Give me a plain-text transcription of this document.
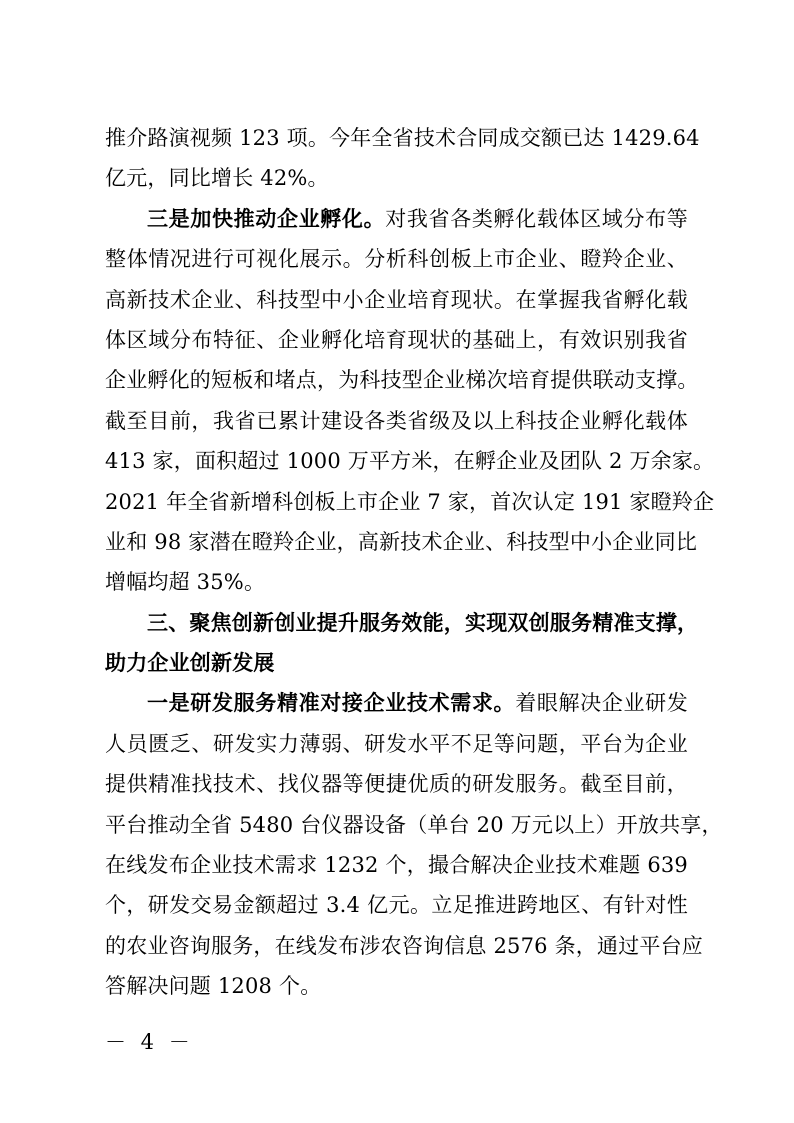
推介路演视频 123 项。今年全省技术合同成交额已达 1429.64
亿元，同比增长 42%。
三是加快推动企业孵化。对我省各类孵化载体区域分布等
整体情况进行可视化展示。分析科创板上市企业、瞪羚企业、
高新技术企业、科技型中小企业培育现状。在掌握我省孵化载
体区域分布特征、企业孵化培育现状的基础上，有效识别我省
企业孵化的短板和堵点，为科技型企业梯次培育提供联动支撑。
截至目前，我省已累计建设各类省级及以上科技企业孵化载体
413 家，面积超过 1000 万平方米，在孵企业及团队 2 万余家。
2021 年全省新增科创板上市企业 7 家，首次认定 191 家瞪羚企
业和 98 家潜在瞪羚企业，高新技术企业、科技型中小企业同比
增幅均超 35%。
三、聚焦创新创业提升服务效能，实现双创服务精准支撑，
助力企业创新发展
一是研发服务精准对接企业技术需求。着眼解决企业研发
人员匮乏、研发实力薄弱、研发水平不足等问题，平台为企业
提供精准找技术、找仪器等便捷优质的研发服务。截至目前，
平台推动全省 5480 台仪器设备（单台 20 万元以上）开放共享，
在线发布企业技术需求 1232 个，撮合解决企业技术难题 639
个，研发交易金额超过 3.4 亿元。立足推进跨地区、有针对性
的农业咨询服务，在线发布涉农咨询信息 2576 条，通过平台应
答解决问题 1208 个。
－ 4 －
